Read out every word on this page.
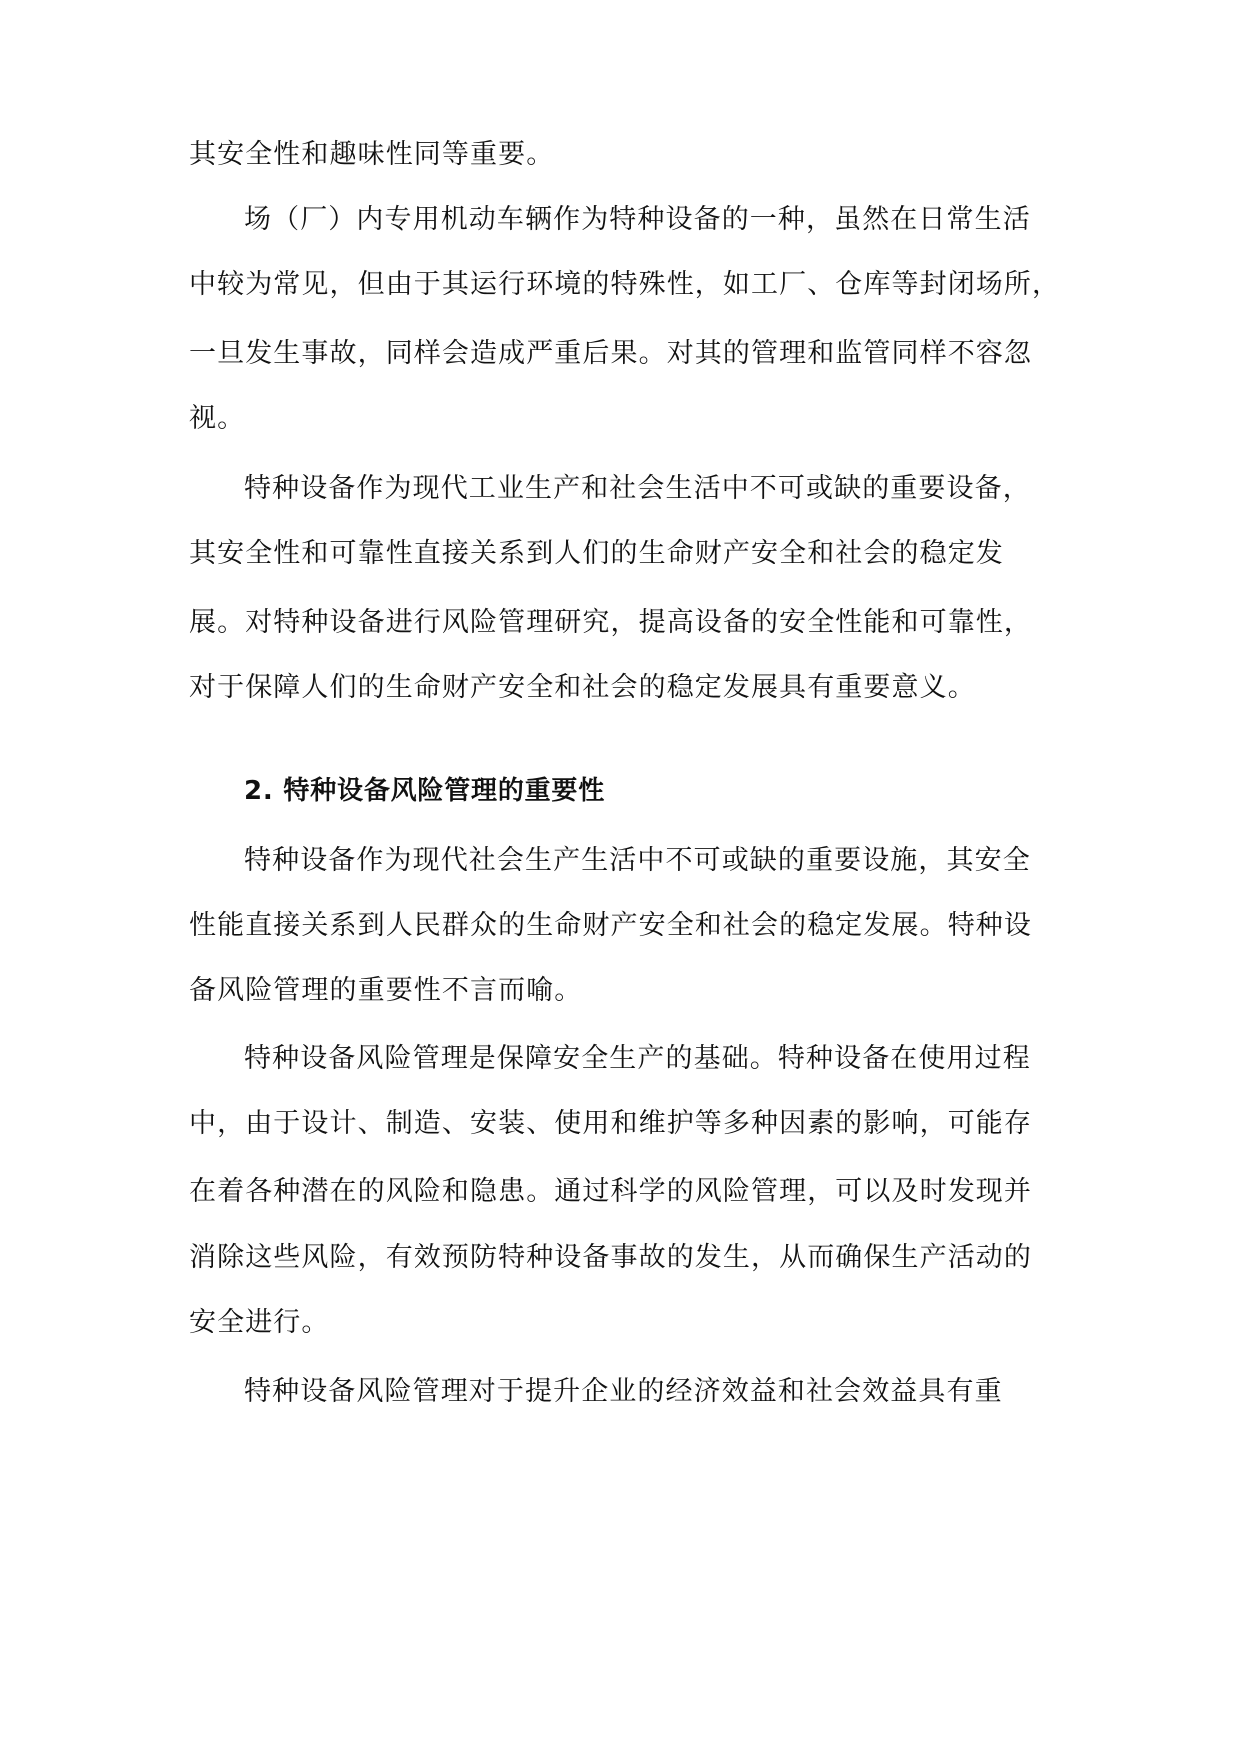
其安全性和趣味性同等重要。
场（厂）内专用机动车辆作为特种设备的一种，虽然在日常生活
中较为常见，但由于其运行环境的特殊性，如工厂、仓库等封闭场所，
一旦发生事故，同样会造成严重后果。对其的管理和监管同样不容忽
视。
特种设备作为现代工业生产和社会生活中不可或缺的重要设备，
其安全性和可靠性直接关系到人们的生命财产安全和社会的稳定发
展。对特种设备进行风险管理研究，提高设备的安全性能和可靠性，
对于保障人们的生命财产安全和社会的稳定发展具有重要意义。
2. 特种设备风险管理的重要性
特种设备作为现代社会生产生活中不可或缺的重要设施，其安全
性能直接关系到人民群众的生命财产安全和社会的稳定发展。特种设
备风险管理的重要性不言而喻。
特种设备风险管理是保障安全生产的基础。特种设备在使用过程
中，由于设计、制造、安装、使用和维护等多种因素的影响，可能存
在着各种潜在的风险和隐患。通过科学的风险管理，可以及时发现并
消除这些风险，有效预防特种设备事故的发生，从而确保生产活动的
安全进行。
特种设备风险管理对于提升企业的经济效益和社会效益具有重
